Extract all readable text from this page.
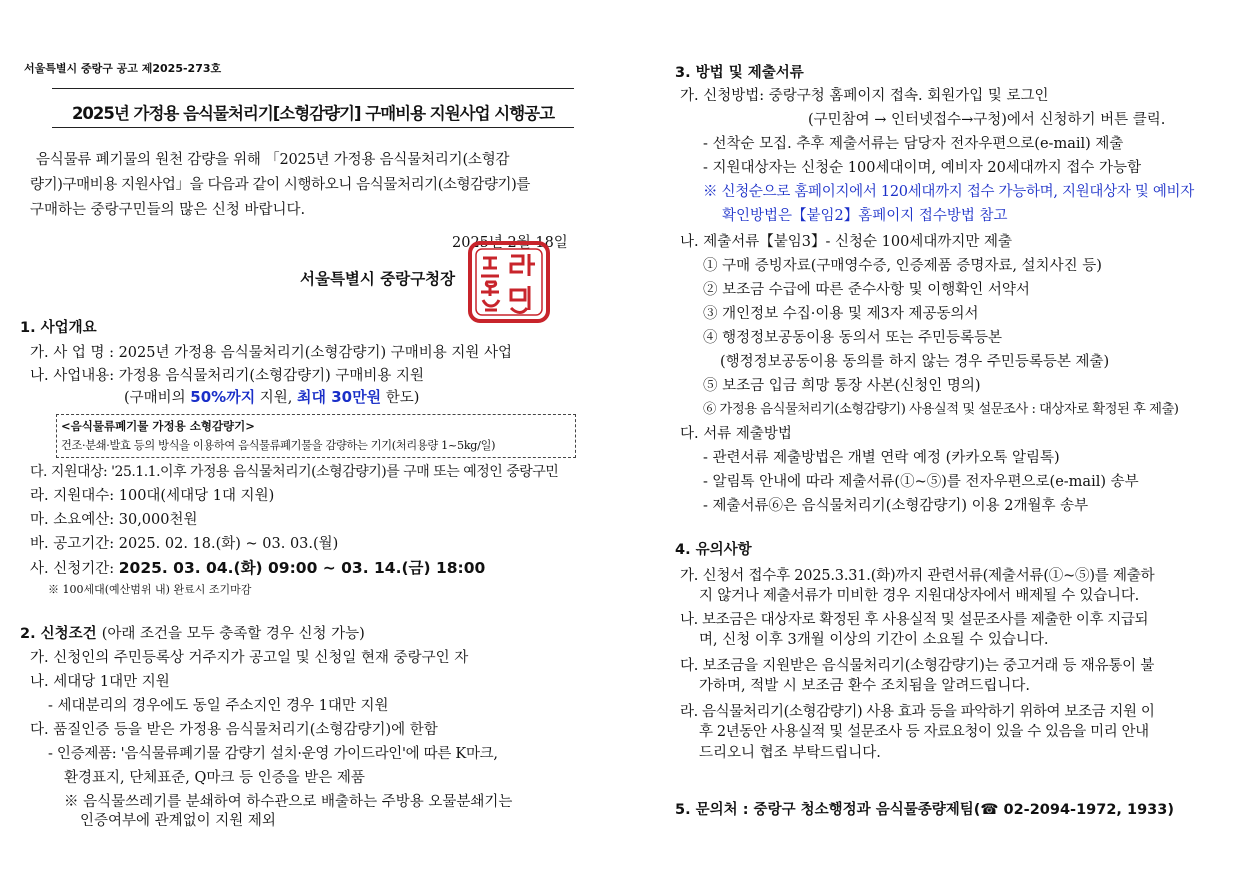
서울특별시 중랑구 공고 제2025-273호
2025년 가정용 음식물처리기[소형감량기] 구매비용 지원사업 시행공고
음식물류 폐기물의 원천 감량을 위해 「2025년 가정용 음식물처리기(소형감
량기)구매비용 지원사업」을 다음과 같이 시행하오니 음식물처리기(소형감량기)를
구매하는 중랑구민들의 많은 신청 바랍니다.
2025년 2월 18일
서울특별시 중랑구청장
1. 사업개요
가. 사 업 명 : 2025년 가정용 음식물처리기(소형감량기) 구매비용 지원 사업
나. 사업내용: 가정용 음식물처리기(소형감량기) 구매비용 지원
(구매비의 50%까지 지원, 최대 30만원 한도)
<음식물류폐기물 가정용 소형감량기>
건조·분쇄·발효 등의 방식을 이용하여 음식물류폐기물을 감량하는 기기(처리용량 1~5kg/일)
다. 지원대상: '25.1.1.이후 가정용 음식물처리기(소형감량기)를 구매 또는 예정인 중랑구민
라. 지원대수: 100대(세대당 1대 지원)
마. 소요예산: 30,000천원
바. 공고기간: 2025. 02. 18.(화) ~ 03. 03.(월)
사. 신청기간: 2025. 03. 04.(화) 09:00 ~ 03. 14.(금) 18:00
※ 100세대(예산범위 내) 완료시 조기마감
2. 신청조건 (아래 조건을 모두 충족할 경우 신청 가능)
가. 신청인의 주민등록상 거주지가 공고일 및 신청일 현재 중랑구인 자
나. 세대당 1대만 지원
- 세대분리의 경우에도 동일 주소지인 경우 1대만 지원
다. 품질인증 등을 받은 가정용 음식물처리기(소형감량기)에 한함
- 인증제품: '음식물류폐기물 감량기 설치·운영 가이드라인'에 따른 K마크,
환경표지, 단체표준, Q마크 등 인증을 받은 제품
※ 음식물쓰레기를 분쇄하여 하수관으로 배출하는 주방용 오물분쇄기는
인증여부에 관계없이 지원 제외
3. 방법 및 제출서류
가. 신청방법: 중랑구청 홈페이지 접속. 회원가입 및 로그인
(구민참여 → 인터넷접수→구청)에서 신청하기 버튼 클릭.
- 선착순 모집. 추후 제출서류는 담당자 전자우편으로(e-mail) 제출
- 지원대상자는 신청순 100세대이며, 예비자 20세대까지 접수 가능함
※ 신청순으로 홈페이지에서 120세대까지 접수 가능하며, 지원대상자 및 예비자
확인방법은【붙임2】홈페이지 접수방법 참고
나. 제출서류【붙임3】- 신청순 100세대까지만 제출
① 구매 증빙자료(구매영수증, 인증제품 증명자료, 설치사진 등)
② 보조금 수급에 따른 준수사항 및 이행확인 서약서
③ 개인정보 수집·이용 및 제3자 제공동의서
④ 행정정보공동이용 동의서 또는 주민등록등본
(행정정보공동이용 동의를 하지 않는 경우 주민등록등본 제출)
⑤ 보조금 입금 희망 통장 사본(신청인 명의)
⑥ 가정용 음식물처리기(소형감량기) 사용실적 및 설문조사 : 대상자로 확정된 후 제출)
다. 서류 제출방법
- 관련서류 제출방법은 개별 연락 예정 (카카오톡 알림톡)
- 알림톡 안내에 따라 제출서류(①~⑤)를 전자우편으로(e-mail) 송부
- 제출서류⑥은 음식물처리기(소형감량기) 이용 2개월후 송부
4. 유의사항
가. 신청서 접수후 2025.3.31.(화)까지 관련서류(제출서류(①~⑤)를 제출하
지 않거나 제출서류가 미비한 경우 지원대상자에서 배제될 수 있습니다.
나. 보조금은 대상자로 확정된 후 사용실적 및 설문조사를 제출한 이후 지급되
며, 신청 이후 3개월 이상의 기간이 소요될 수 있습니다.
다. 보조금을 지원받은 음식물처리기(소형감량기)는 중고거래 등 재유통이 불
가하며, 적발 시 보조금 환수 조치됨을 알려드립니다.
라. 음식물처리기(소형감량기) 사용 효과 등을 파악하기 위하여 보조금 지원 이
후 2년동안 사용실적 및 설문조사 등 자료요청이 있을 수 있음을 미리 안내
드리오니 협조 부탁드립니다.
5. 문의처 : 중랑구 청소행정과 음식물종량제팀(☎ 02-2094-1972, 1933)
